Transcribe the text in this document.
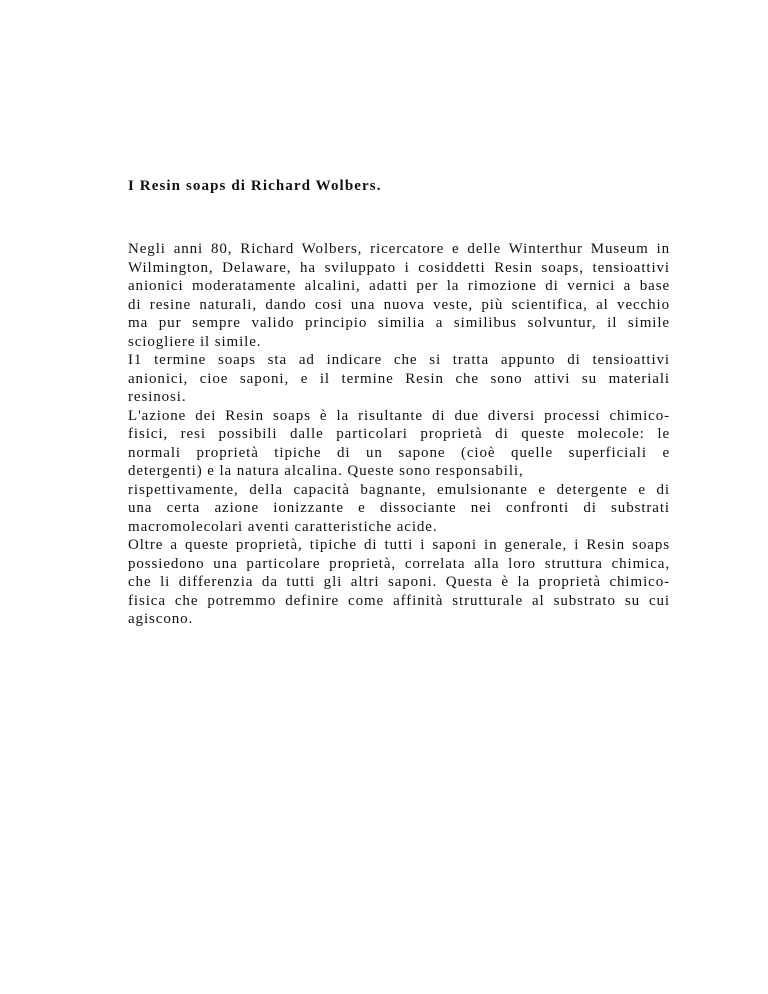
I Resin soaps di Richard Wolbers.
Negli anni 80, Richard Wolbers, ricercatore e delle Winterthur Museum in
Wilmington, Delaware, ha sviluppato i cosiddetti Resin soaps, tensioattivi
anionici moderatamente alcalini, adatti per la rimozione di vernici a base
di resine naturali, dando cosi una nuova veste, più scientifica, al vecchio
ma pur sempre valido principio similia a similibus solvuntur, il simile
sciogliere il simile.
I1 termine soaps sta ad indicare che si tratta appunto di tensioattivi
anionici, cioe saponi, e il termine Resin che sono attivi su materiali
resinosi.
L'azione dei Resin soaps è la risultante di due diversi processi chimico-
fisici, resi possibili dalle particolari proprietà di queste molecole: le
normali proprietà tipiche di un sapone (cioè quelle superficiali e
detergenti) e la natura alcalina. Queste sono responsabili,
rispettivamente, della capacità bagnante, emulsionante e detergente e di
una certa azione ionizzante e dissociante nei confronti di substrati
macromolecolari aventi caratteristiche acide.
Oltre a queste proprietà, tipiche di tutti i saponi in generale, i Resin soaps
possiedono una particolare proprietà, correlata alla loro struttura chimica,
che li differenzia da tutti gli altri saponi. Questa è la proprietà chimico-
fisica che potremmo definire come affinità strutturale al substrato su cui
agiscono.
